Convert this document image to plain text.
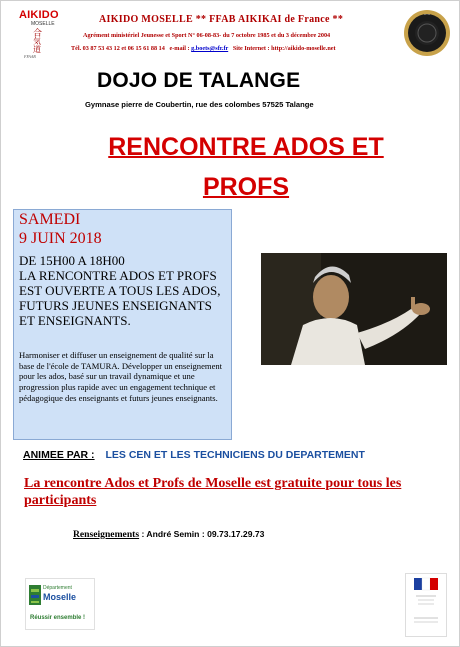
AIKIDO
MOSELLE
合
気
道
FFAAB
AIKIDO MOSELLE ** FFAB AIKIKAI de France **
Agrément ministériel Jeunesse et Sport N° 06-08-83- du 7 octobre 1985 et du 3 décembre 2004
Tél. 03 87 53 43 12 et 06 15 61 88 14 e-mail : g.boets@sfr.fr Site Internet : http://aikido-moselle.net
·····
DOJO DE TALANGE
Gymnase pierre de Coubertin, rue des colombes 57525 Talange
RENCONTRE ADOS ET
PROFS
SAMEDI
9 JUIN 2018
DE 15H00 A 18H00
LA RENCONTRE ADOS ET PROFS EST OUVERTE A TOUS LES ADOS, FUTURS JEUNES ENSEIGNANTS ET ENSEIGNANTS.
Harmoniser et diffuser un enseignement de qualité sur la base de l'école de TAMURA. Développer un enseignement pour les ados, basé sur un travail dynamique et une progression plus rapide avec un engagement technique et pédagogique des enseignants et futurs jeunes enseignants.
ANIMEE PAR : LES CEN ET LES TECHNICIENS DU DEPARTEMENT
La rencontre Ados et Profs de Moselle est gratuite pour tous les participants
Renseignements : André Semin : 09.73.17.29.73
Département
Moselle
Réussir ensemble !
